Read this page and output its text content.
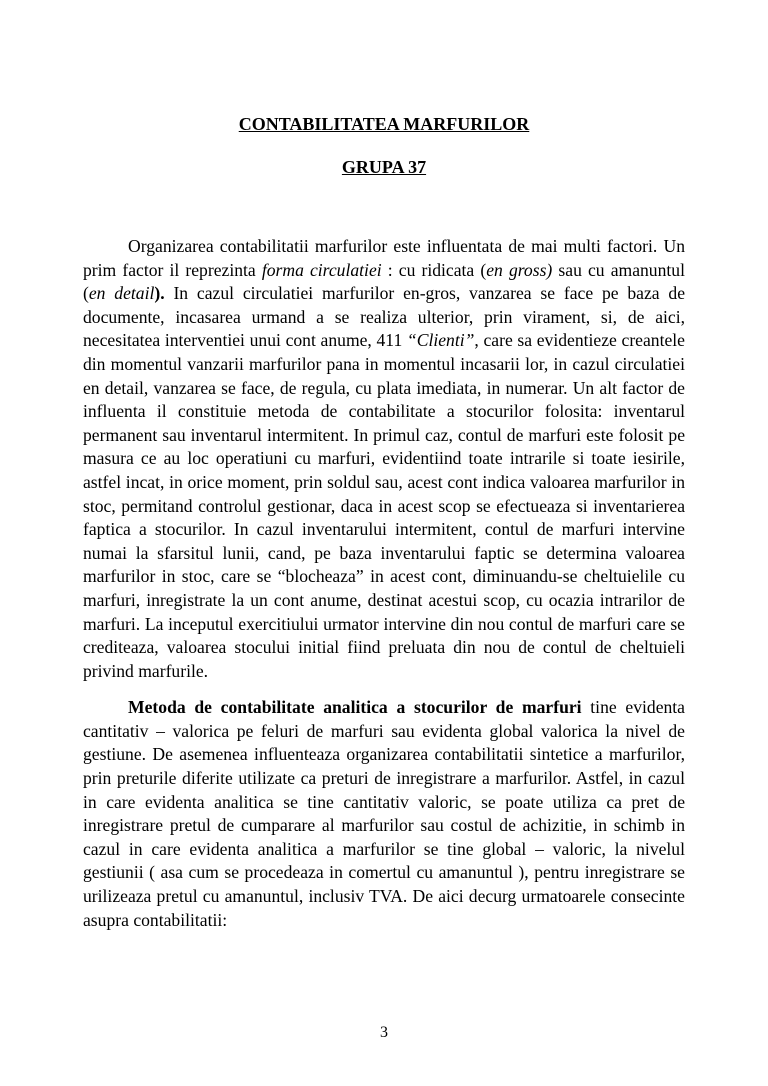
CONTABILITATEA MARFURILOR
GRUPA 37

Organizarea contabilitatii marfurilor este influentata de mai multi factori. Un prim factor il reprezinta forma circulatiei : cu ridicata (en gross) sau cu amanuntul (en detail). In cazul circulatiei marfurilor en-gros, vanzarea se face pe baza de documente, incasarea urmand a se realiza ulterior, prin virament, si, de aici, necesitatea interventiei unui cont anume, 411 “Clienti”, care sa evidentieze creantele din momentul vanzarii marfurilor pana in momentul incasarii lor, in cazul circulatiei en detail, vanzarea se face, de regula, cu plata imediata, in numerar. Un alt factor de influenta il constituie metoda de contabilitate a stocurilor folosita: inventarul permanent sau inventarul intermitent. In primul caz, contul de marfuri este folosit pe masura ce au loc operatiuni cu marfuri, evidentiind toate intrarile si toate iesirile, astfel incat, in orice moment, prin soldul sau, acest cont indica valoarea marfurilor in stoc, permitand controlul gestionar, daca in acest scop se efectueaza si inventarierea faptica a stocurilor. In cazul inventarului intermitent, contul de marfuri intervine numai la sfarsitul lunii, cand, pe baza inventarului faptic se determina valoarea marfurilor in stoc, care se “blocheaza” in acest cont, diminuandu-se cheltuielile cu marfuri, inregistrate la un cont anume, destinat acestui scop, cu ocazia intrarilor de marfuri. La inceputul exercitiului urmator intervine din nou contul de marfuri care se crediteaza, valoarea stocului initial fiind preluata din nou de contul de cheltuieli privind marfurile.

Metoda de contabilitate analitica a stocurilor de marfuri tine evidenta cantitativ – valorica pe feluri de marfuri sau evidenta global valorica la nivel de gestiune. De asemenea influenteaza organizarea contabilitatii sintetice a marfurilor, prin preturile diferite utilizate ca preturi de inregistrare a marfurilor. Astfel, in cazul in care evidenta analitica se tine cantitativ valoric, se poate utiliza ca pret de inregistrare pretul de cumparare al marfurilor sau costul de achizitie, in schimb in cazul in care evidenta analitica a marfurilor se tine global – valoric, la nivelul gestiunii ( asa cum se procedeaza in comertul cu amanuntul ), pentru inregistrare se urilizeaza pretul cu amanuntul, inclusiv TVA. De aici decurg urmatoarele consecinte asupra contabilitatii:

3
